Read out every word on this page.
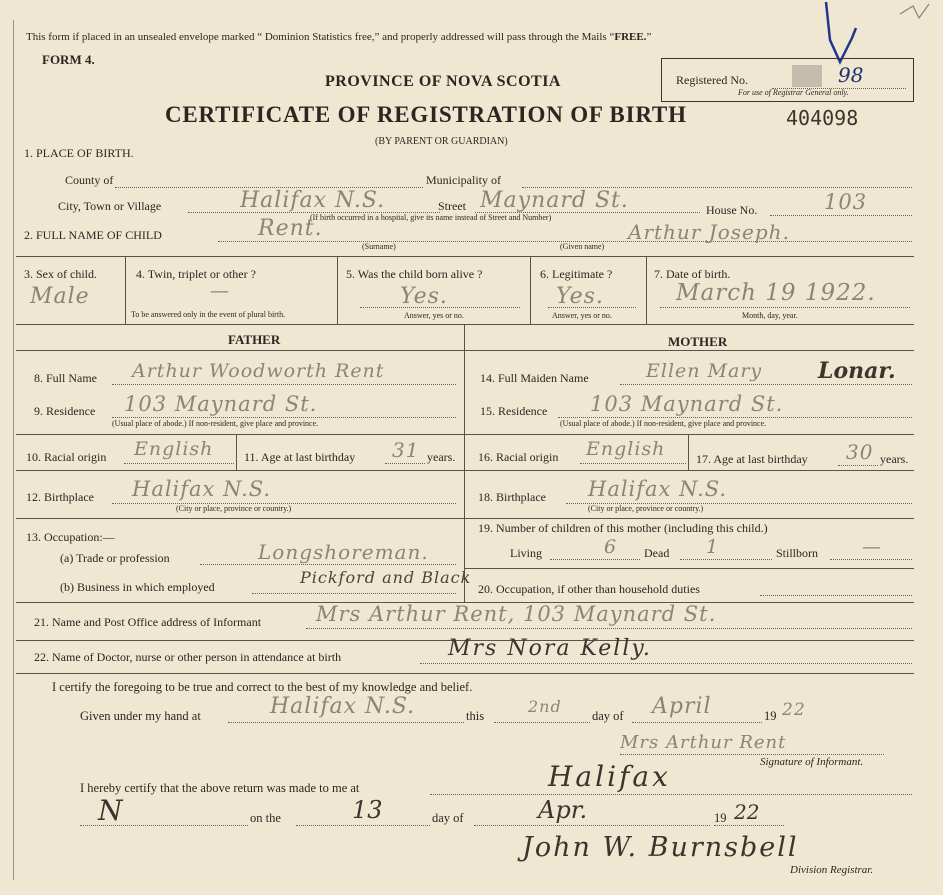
This form if placed in an unsealed envelope marked “ Dominion Statistics free,” and properly addressed will pass through the Mails “FREE.”
FORM 4.
PROVINCE OF NOVA SCOTIA
CERTIFICATE OF REGISTRATION OF BIRTH	404098
(BY PARENT OR GUARDIAN)
Registered No.	98
For use of Registrar General only.
1. PLACE OF BIRTH.
County of	Municipality of
City, Town or Village	Halifax N.S.	Street Maynard St.	House No.	103
(If birth occurred in a hospital, give its name instead of Street and Number)
2. FULL NAME OF CHILD	Rent.
(Surname)
Arthur Joseph.
(Given name)
3. Sex of child.
Male
4. Twin, triplet or other ?
—
To be answered only in the event of plural birth.
5. Was the child born alive ?
Yes.
Answer, yes or no.
6. Legitimate ?
Yes.
Answer, yes or no.
7. Date of birth.
March 19 1922.
Month, day, year.
FATHER	MOTHER
8. Full Name Arthur Woodworth Rent
9. Residence 103 Maynard St.
(Usual place of abode.) If non-resident, give place and province.
10. Racial origin English	11. Age at last birthday 31 years.
12. Birthplace Halifax N.S.
(City or place, province or country.)
13. Occupation:—
(a) Trade or profession	Longshoreman.
(b) Business in which employed	Pickford and Black
14. Full Maiden Name	Ellen Mary	Lonar.
15. Residence 103 Maynard St.
(Usual place of abode.) If non-resident, give place and province.
16. Racial origin English	17. Age at last birthday 30 years.
18. Birthplace Halifax N.S.
(City or place, province or country.)
19. Number of children of this mother (including this child.)
Living	6 Dead 1	Stillborn —
20. Occupation, if other than household duties
21. Name and Post Office address of Informant	Mrs Arthur Rent, 103 Maynard St.
22. Name of Doctor, nurse or other person in attendance at birth	Mrs Nora Kelly.
I certify the foregoing to be true and correct to the best of my knowledge and belief.
Given under my hand at	Halifax N.S.	this	2nd day of April	19 22
Mrs Arthur Rent
Signature of Informant.
I hereby certify that the above return was made to me at	Halifax
N	on the	13	day of	Apr.	19 22
John W. Burnsbell
Division Registrar.
